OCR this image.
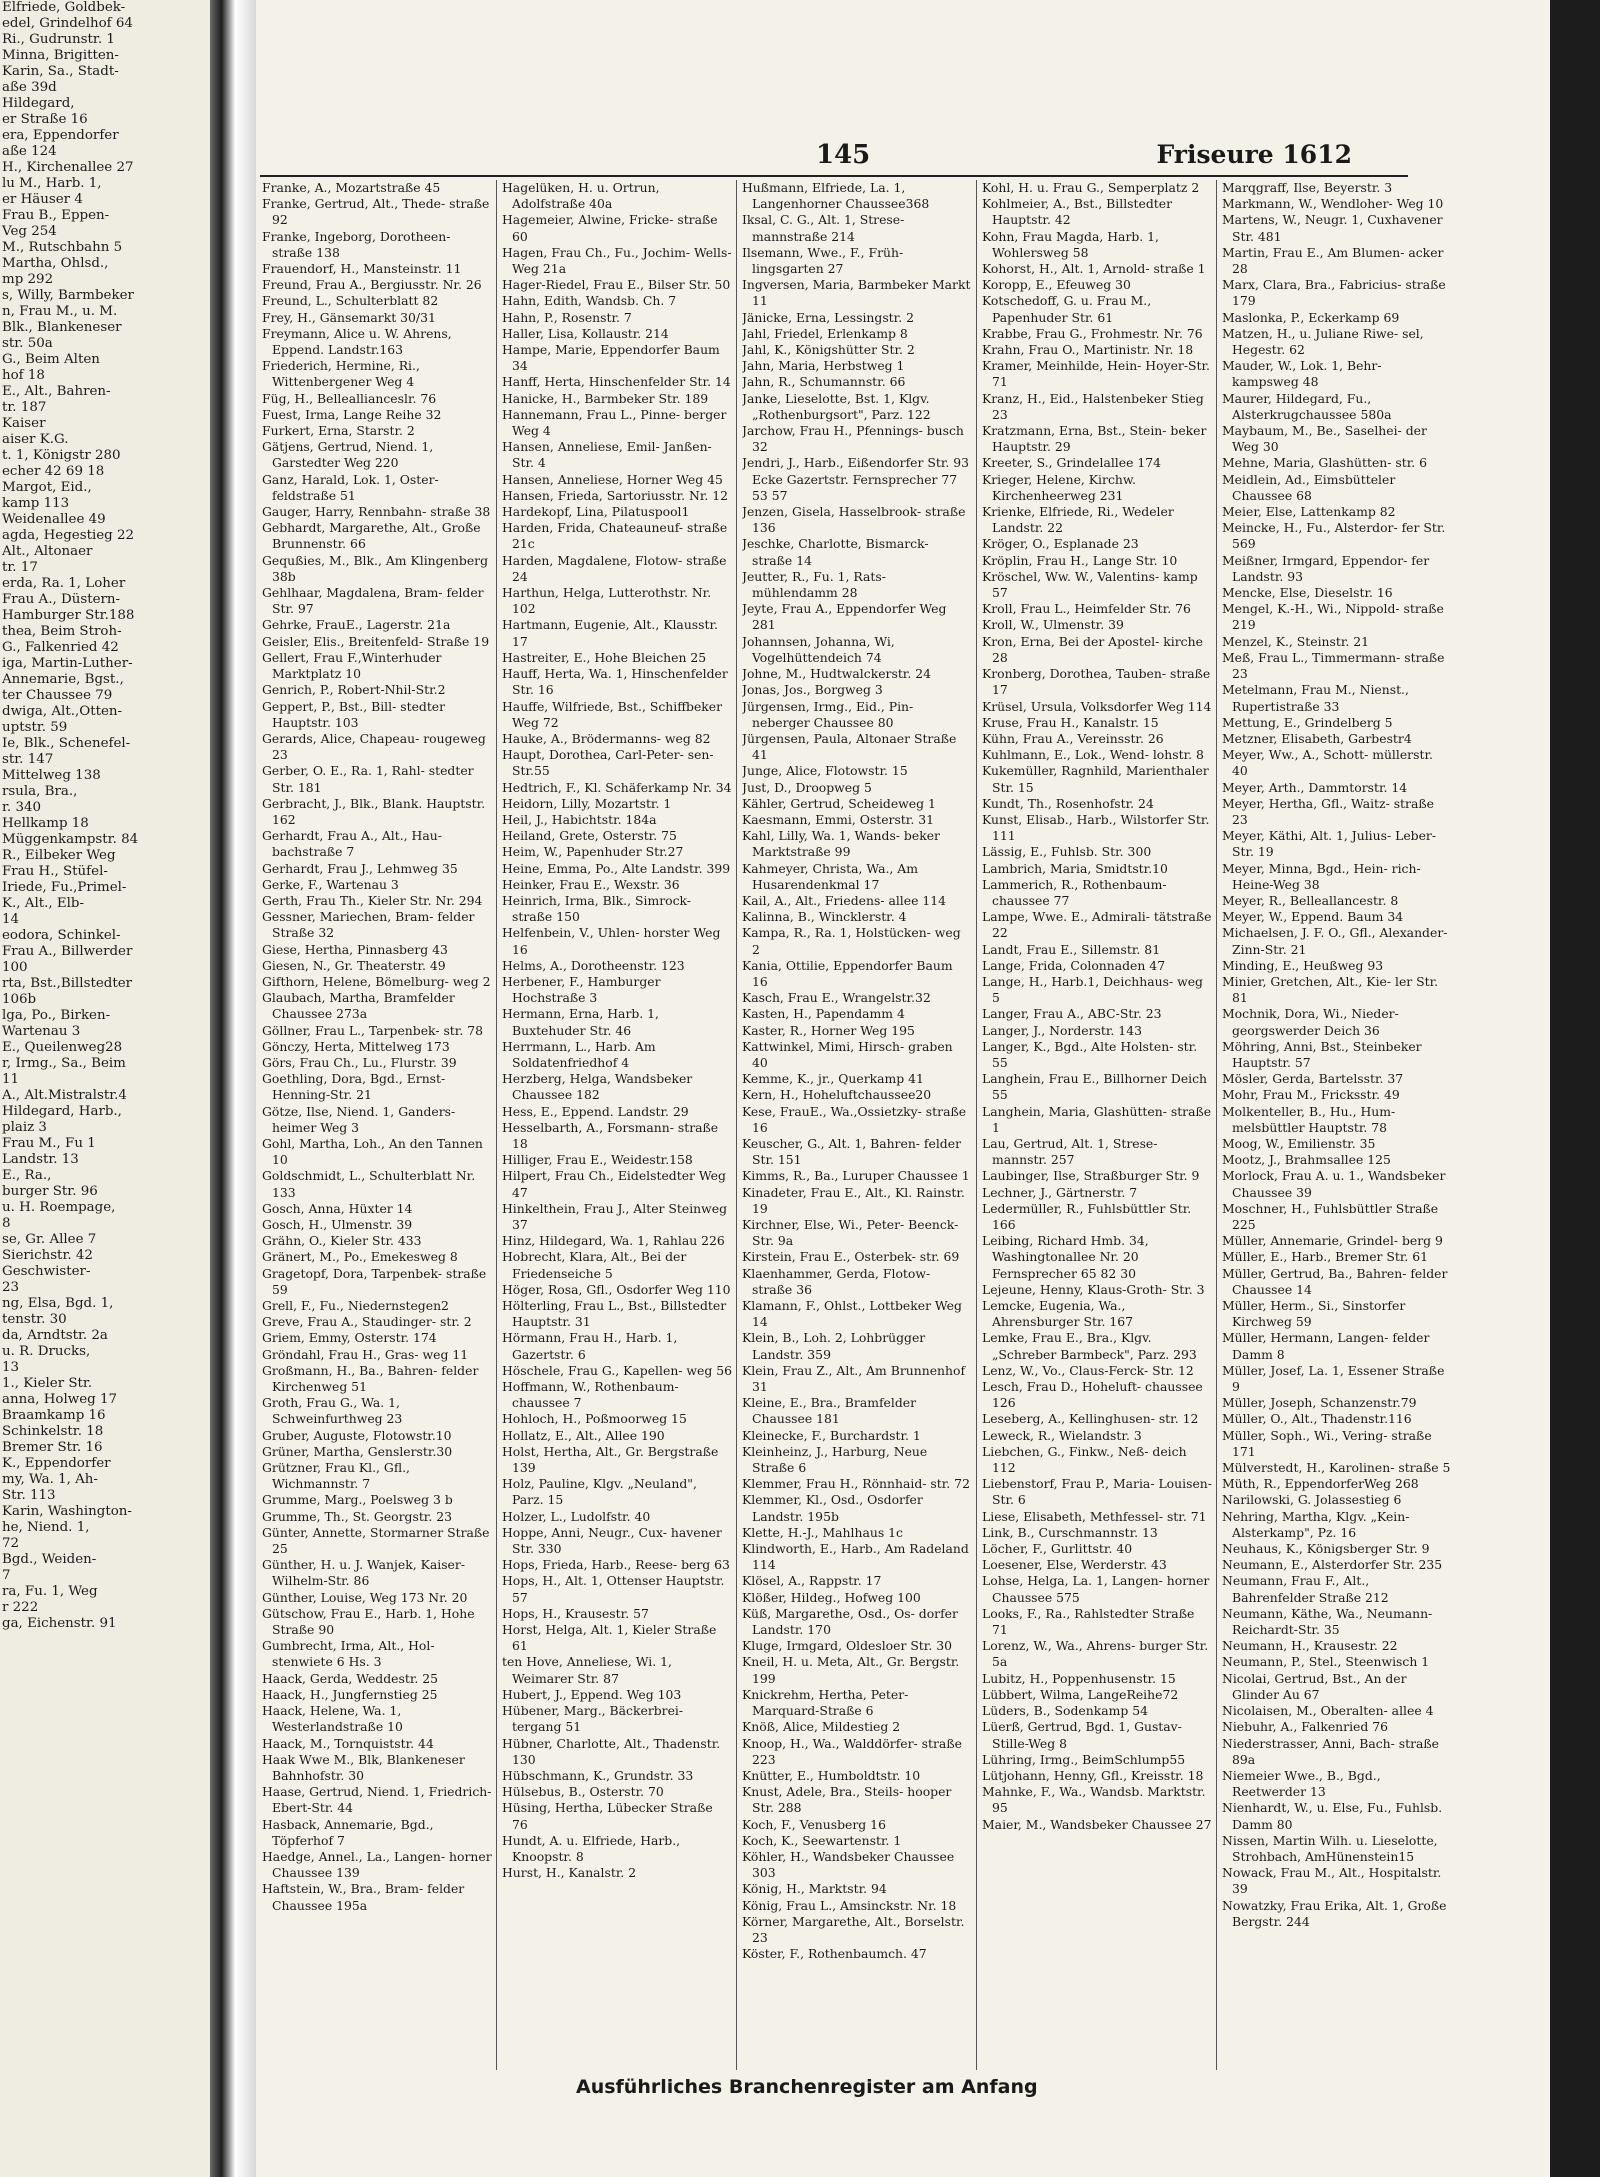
Elfriede, Goldbek-
edel, Grindelhof 64
Ri., Gudrunstr. 1
Minna, Brigitten-
Karin, Sa., Stadt-
aße 39d
Hildegard,
er Straße 16
era, Eppendorfer
aße 124
H., Kirchenallee 27
lu M., Harb. 1,
er Häuser 4
Frau B., Eppen-
Veg 254
M., Rutschbahn 5
Martha, Ohlsd.,
mp 292
s, Willy, Barmbeker
n, Frau M., u. M.
Blk., Blankeneser
str. 50a
G., Beim Alten
hof 18
E., Alt., Bahren-
tr. 187
Kaiser
aiser K.G.
t. 1, Königstr 280
echer 42 69 18
Margot, Eid.,
kamp 113
Weidenallee 49
agda, Hegestieg 22
Alt., Altonaer
tr. 17
erda, Ra. 1, Loher
Frau A., Düstern-
Hamburger Str.188
thea, Beim Stroh-
G., Falkenried 42
iga, Martin-Luther-
Annemarie, Bgst.,
ter Chaussee 79
dwiga, Alt.,Otten-
uptstr. 59
Ie, Blk., Schenefel-
str. 147
Mittelweg 138
rsula, Bra.,
r. 340
Hellkamp 18
Müggenkampstr. 84
R., Eilbeker Weg
Frau H., Stüfel-
Iriede, Fu.,Primel-
K., Alt., Elb-
14
eodora, Schinkel-
Frau A., Billwerder
100
rta, Bst.,Billstedter
106b
lga, Po., Birken-
Wartenau 3
E., Queilenweg28
r, Irmg., Sa., Beim
11
A., Alt.Mistralstr.4
Hildegard, Harb.,
plaiz 3
Frau M., Fu 1
Landstr. 13
E., Ra.,
burger Str. 96
u. H. Roempage,
8
se, Gr. Allee 7
Sierichstr. 42
Geschwister-
23
ng, Elsa, Bgd. 1,
tenstr. 30
da, Arndtstr. 2a
u. R. Drucks,
13
1., Kieler Str.
anna, Holweg 17
Braamkamp 16
Schinkelstr. 18
Bremer Str. 16
K., Eppendorfer
my, Wa. 1, Ah-
Str. 113
Karin, Washington-
he, Niend. 1,
72
Bgd., Weiden-
7
ra, Fu. 1, Weg
r 222
ga, Eichenstr. 91
145	Friseure 1612
Franke, A., Mozartstraße 45
Franke, Gertrud, Alt., Thede- straße 92
Franke, Ingeborg, Dorotheen- straße 138
Frauendorf, H., Mansteinstr. 11
Freund, Frau A., Bergiusstr. Nr. 26
Freund, L., Schulterblatt 82
Frey, H., Gänsemarkt 30/31
Freymann, Alice u. W. Ahrens, Eppend. Landstr.163
Friederich, Hermine, Ri., Wittenbergener Weg 4
Füg, H., Belleallianceslr. 76
Fuest, Irma, Lange Reihe 32
Furkert, Erna, Starstr. 2
Gätjens, Gertrud, Niend. 1, Garstedter Weg 220
Ganz, Harald, Lok. 1, Oster- feldstraße 51
Gauger, Harry, Rennbahn- straße 38
Gebhardt, Margarethe, Alt., Große Brunnenstr. 66
Gequßies, M., Blk., Am Klingenberg 38b
Gehlhaar, Magdalena, Bram- felder Str. 97
Gehrke, FrauE., Lagerstr. 21a
Geisler, Elis., Breitenfeld- Straße 19
Gellert, Frau F.,Winterhuder Marktplatz 10
Genrich, P., Robert-Nhil-Str.2
Geppert, P., Bst., Bill- stedter Hauptstr. 103
Gerards, Alice, Chapeau- rougeweg 23
Gerber, O. E., Ra. 1, Rahl- stedter Str. 181
Gerbracht, J., Blk., Blank. Hauptstr. 162
Gerhardt, Frau A., Alt., Hau- bachstraße 7
Gerhardt, Frau J., Lehmweg 35
Gerke, F., Wartenau 3
Gerth, Frau Th., Kieler Str. Nr. 294
Gessner, Mariechen, Bram- felder Straße 32
Giese, Hertha, Pinnasberg 43
Giesen, N., Gr. Theaterstr. 49
Gifthorn, Helene, Bömelburg- weg 2
Glaubach, Martha, Bramfelder Chaussee 273a
Göllner, Frau L., Tarpenbek- str. 78
Gönczy, Herta, Mittelweg 173
Görs, Frau Ch., Lu., Flurstr. 39
Goethling, Dora, Bgd., Ernst- Henning-Str. 21
Götze, Ilse, Niend. 1, Ganders- heimer Weg 3
Gohl, Martha, Loh., An den Tannen 10
Goldschmidt, L., Schulterblatt Nr. 133
Gosch, Anna, Hüxter 14
Gosch, H., Ulmenstr. 39
Grähn, O., Kieler Str. 433
Gränert, M., Po., Emekesweg 8
Gragetopf, Dora, Tarpenbek- straße 59
Grell, F., Fu., Niedernstegen2
Greve, Frau A., Staudinger- str. 2
Griem, Emmy, Osterstr. 174
Gröndahl, Frau H., Gras- weg 11
Großmann, H., Ba., Bahren- felder Kirchenweg 51
Groth, Frau G., Wa. 1, Schweinfurthweg 23
Gruber, Auguste, Flotowstr.10
Grüner, Martha, Genslerstr.30
Grützner, Frau Kl., Gfl., Wichmannstr. 7
Grumme, Marg., Poelsweg 3 b
Grumme, Th., St. Georgstr. 23
Günter, Annette, Stormarner Straße 25
Günther, H. u. J. Wanjek, Kaiser-Wilhelm-Str. 86
Günther, Louise, Weg 173 Nr. 20
Gütschow, Frau E., Harb. 1, Hohe Straße 90
Gumbrecht, Irma, Alt., Hol- stenwiete 6 Hs. 3
Haack, Gerda, Weddestr. 25
Haack, H., Jungfernstieg 25
Haack, Helene, Wa. 1, Westerlandstraße 10
Haack, M., Tornquiststr. 44
Haak Wwe M., Blk, Blankeneser Bahnhofstr. 30
Haase, Gertrud, Niend. 1, Friedrich-Ebert-Str. 44
Hasback, Annemarie, Bgd., Töpferhof 7
Haedge, Annel., La., Langen- horner Chaussee 139
Haftstein, W., Bra., Bram- felder Chaussee 195a
Hagelüken, H. u. Ortrun, Adolfstraße 40a
Hagemeier, Alwine, Fricke- straße 60
Hagen, Frau Ch., Fu., Jochim- Wells-Weg 21a
Hager-Riedel, Frau E., Bilser Str. 50
Hahn, Edith, Wandsb. Ch. 7
Hahn, P., Rosenstr. 7
Haller, Lisa, Kollaustr. 214
Hampe, Marie, Eppendorfer Baum 34
Hanff, Herta, Hinschenfelder Str. 14
Hanicke, H., Barmbeker Str. 189
Hannemann, Frau L., Pinne- berger Weg 4
Hansen, Anneliese, Emil- Janßen-Str. 4
Hansen, Anneliese, Horner Weg 45
Hansen, Frieda, Sartoriusstr. Nr. 12
Hardekopf, Lina, Pilatuspool1
Harden, Frida, Chateauneuf- straße 21c
Harden, Magdalene, Flotow- straße 24
Harthun, Helga, Lutterothstr. Nr. 102
Hartmann, Eugenie, Alt., Klausstr. 17
Hastreiter, E., Hohe Bleichen 25
Hauff, Herta, Wa. 1, Hinschenfelder Str. 16
Hauffe, Wilfriede, Bst., Schiffbeker Weg 72
Hauke, A., Brödermanns- weg 82
Haupt, Dorothea, Carl-Peter- sen-Str.55
Hedtrich, F., Kl. Schäferkamp Nr. 34
Heidorn, Lilly, Mozartstr. 1
Heil, J., Habichtstr. 184a
Heiland, Grete, Osterstr. 75
Heim, W., Papenhuder Str.27
Heine, Emma, Po., Alte Landstr. 399
Heinker, Frau E., Wexstr. 36
Heinrich, Irma, Blk., Simrock- straße 150
Helfenbein, V., Uhlen- horster Weg 16
Helms, A., Dorotheenstr. 123
Herbener, F., Hamburger Hochstraße 3
Hermann, Erna, Harb. 1, Buxtehuder Str. 46
Herrmann, L., Harb. Am Soldatenfriedhof 4
Herzberg, Helga, Wandsbeker Chaussee 182
Hess, E., Eppend. Landstr. 29
Hesselbarth, A., Forsmann- straße 18
Hilliger, Frau E., Weidestr.158
Hilpert, Frau Ch., Eidelstedter Weg 47
Hinkelthein, Frau J., Alter Steinweg 37
Hinz, Hildegard, Wa. 1, Rahlau 226
Hobrecht, Klara, Alt., Bei der Friedenseiche 5
Höger, Rosa, Gfl., Osdorfer Weg 110
Hölterling, Frau L., Bst., Billstedter Hauptstr. 31
Hörmann, Frau H., Harb. 1, Gazertstr. 6
Höschele, Frau G., Kapellen- weg 56
Hoffmann, W., Rothenbaum- chaussee 7
Hohloch, H., Poßmoorweg 15
Hollatz, E., Alt., Allee 190
Holst, Hertha, Alt., Gr. Bergstraße 139
Holz, Pauline, Klgv. „Neuland", Parz. 15
Holzer, L., Ludolfstr. 40
Hoppe, Anni, Neugr., Cux- havener Str. 330
Hops, Frieda, Harb., Reese- berg 63
Hops, H., Alt. 1, Ottenser Hauptstr. 57
Hops, H., Krausestr. 57
Horst, Helga, Alt. 1, Kieler Straße 61
ten Hove, Anneliese, Wi. 1, Weimarer Str. 87
Hubert, J., Eppend. Weg 103
Hübener, Marg., Bäckerbrei- tergang 51
Hübner, Charlotte, Alt., Thadenstr. 130
Hübschmann, K., Grundstr. 33
Hülsebus, B., Osterstr. 70
Hüsing, Hertha, Lübecker Straße 76
Hundt, A. u. Elfriede, Harb., Knoopstr. 8
Hurst, H., Kanalstr. 2
Hußmann, Elfriede, La. 1, Langenhorner Chaussee368
Iksal, C. G., Alt. 1, Strese- mannstraße 214
Ilsemann, Wwe., F., Früh- lingsgarten 27
Ingversen, Maria, Barmbeker Markt 11
Jänicke, Erna, Lessingstr. 2
Jahl, Friedel, Erlenkamp 8
Jahl, K., Königshütter Str. 2
Jahn, Maria, Herbstweg 1
Jahn, R., Schumannstr. 66
Janke, Lieselotte, Bst. 1, Klgv. „Rothenburgsort", Parz. 122
Jarchow, Frau H., Pfennings- busch 32
Jendri, J., Harb., Eißendorfer Str. 93 Ecke Gazertstr. Fernsprecher 77 53 57
Jenzen, Gisela, Hasselbrook- straße 136
Jeschke, Charlotte, Bismarck- straße 14
Jeutter, R., Fu. 1, Rats- mühlendamm 28
Jeyte, Frau A., Eppendorfer Weg 281
Johannsen, Johanna, Wi, Vogelhüttendeich 74
Johne, M., Hudtwalckerstr. 24
Jonas, Jos., Borgweg 3
Jürgensen, Irmg., Eid., Pin- neberger Chaussee 80
Jürgensen, Paula, Altonaer Straße 41
Junge, Alice, Flotowstr. 15
Just, D., Droopweg 5
Kähler, Gertrud, Scheideweg 1
Kaesmann, Emmi, Osterstr. 31
Kahl, Lilly, Wa. 1, Wands- beker Marktstraße 99
Kahmeyer, Christa, Wa., Am Husarendenkmal 17
Kail, A., Alt., Friedens- allee 114
Kalinna, B., Wincklerstr. 4
Kampa, R., Ra. 1, Holstücken- weg 2
Kania, Ottilie, Eppendorfer Baum 16
Kasch, Frau E., Wrangelstr.32
Kasten, H., Papendamm 4
Kaster, R., Horner Weg 195
Kattwinkel, Mimi, Hirsch- graben 40
Kemme, K., jr., Querkamp 41
Kern, H., Hoheluftchaussee20
Kese, FrauE., Wa.,Ossietzky- straße 16
Keuscher, G., Alt. 1, Bahren- felder Str. 151
Kimms, R., Ba., Luruper Chaussee 1
Kinadeter, Frau E., Alt., Kl. Rainstr. 19
Kirchner, Else, Wi., Peter- Beenck-Str. 9a
Kirstein, Frau E., Osterbek- str. 69
Klaenhammer, Gerda, Flotow- straße 36
Klamann, F., Ohlst., Lottbeker Weg 14
Klein, B., Loh. 2, Lohbrügger Landstr. 359
Klein, Frau Z., Alt., Am Brunnenhof 31
Kleine, E., Bra., Bramfelder Chaussee 181
Kleinecke, F., Burchardstr. 1
Kleinheinz, J., Harburg, Neue Straße 6
Klemmer, Frau H., Rönnhaid- str. 72
Klemmer, Kl., Osd., Osdorfer Landstr. 195b
Klette, H.-J., Mahlhaus 1c
Klindworth, E., Harb., Am Radeland 114
Klösel, A., Rappstr. 17
Klößer, Hildeg., Hofweg 100
Küß, Margarethe, Osd., Os- dorfer Landstr. 170
Kluge, Irmgard, Oldesloer Str. 30
Kneil, H. u. Meta, Alt., Gr. Bergstr. 199
Knickrehm, Hertha, Peter- Marquard-Straße 6
Knöß, Alice, Mildestieg 2
Knoop, H., Wa., Walddörfer- straße 223
Knütter, E., Humboldtstr. 10
Knust, Adele, Bra., Steils- hooper Str. 288
Koch, F., Venusberg 16
Koch, K., Seewartenstr. 1
Köhler, H., Wandsbeker Chaussee 303
König, H., Marktstr. 94
König, Frau L., Amsinckstr. Nr. 18
Körner, Margarethe, Alt., Borselstr. 23
Köster, F., Rothenbaumch. 47
Kohl, H. u. Frau G., Semperplatz 2
Kohlmeier, A., Bst., Billstedter Hauptstr. 42
Kohn, Frau Magda, Harb. 1, Wohlersweg 58
Kohorst, H., Alt. 1, Arnold- straße 1
Koropp, E., Efeuweg 30
Kotschedoff, G. u. Frau M., Papenhuder Str. 61
Krabbe, Frau G., Frohmestr. Nr. 76
Krahn, Frau O., Martinistr. Nr. 18
Kramer, Meinhilde, Hein- Hoyer-Str. 71
Kranz, H., Eid., Halstenbeker Stieg 23
Kratzmann, Erna, Bst., Stein- beker Hauptstr. 29
Kreeter, S., Grindelallee 174
Krieger, Helene, Kirchw. Kirchenheerweg 231
Krienke, Elfriede, Ri., Wedeler Landstr. 22
Kröger, O., Esplanade 23
Kröplin, Frau H., Lange Str. 10
Kröschel, Ww. W., Valentins- kamp 57
Kroll, Frau L., Heimfelder Str. 76
Kroll, W., Ulmenstr. 39
Kron, Erna, Bei der Apostel- kirche 28
Kronberg, Dorothea, Tauben- straße 17
Krüsel, Ursula, Volksdorfer Weg 114
Kruse, Frau H., Kanalstr. 15
Kühn, Frau A., Vereinsstr. 26
Kuhlmann, E., Lok., Wend- lohstr. 8
Kukemüller, Ragnhild, Marienthaler Str. 15
Kundt, Th., Rosenhofstr. 24
Kunst, Elisab., Harb., Wilstorfer Str. 111
Lässig, E., Fuhlsb. Str. 300
Lambrich, Maria, Smidtstr.10
Lammerich, R., Rothenbaum- chaussee 77
Lampe, Wwe. E., Admirali- tätstraße 22
Landt, Frau E., Sillemstr. 81
Lange, Frida, Colonnaden 47
Lange, H., Harb.1, Deichhaus- weg 5
Langer, Frau A., ABC-Str. 23
Langer, J., Norderstr. 143
Langer, K., Bgd., Alte Holsten- str. 55
Langhein, Frau E., Billhorner Deich 55
Langhein, Maria, Glashütten- straße 1
Lau, Gertrud, Alt. 1, Strese- mannstr. 257
Laubinger, Ilse, Straßburger Str. 9
Lechner, J., Gärtnerstr. 7
Ledermüller, R., Fuhlsbüttler Str. 166
Leibing, Richard Hmb. 34, Washingtonallee Nr. 20 Fernsprecher 65 82 30
Lejeune, Henny, Klaus-Groth- Str. 3
Lemcke, Eugenia, Wa., Ahrensburger Str. 167
Lemke, Frau E., Bra., Klgv. „Schreber Barmbeck", Parz. 293
Lenz, W., Vo., Claus-Ferck- Str. 12
Lesch, Frau D., Hoheluft- chaussee 126
Leseberg, A., Kellinghusen- str. 12
Leweck, R., Wielandstr. 3
Liebchen, G., Finkw., Neß- deich 112
Liebenstorf, Frau P., Maria- Louisen-Str. 6
Liese, Elisabeth, Methfessel- str. 71
Link, B., Curschmannstr. 13
Löcher, F., Gurlittstr. 40
Loesener, Else, Werderstr. 43
Lohse, Helga, La. 1, Langen- horner Chaussee 575
Looks, F., Ra., Rahlstedter Straße 71
Lorenz, W., Wa., Ahrens- burger Str. 5a
Lubitz, H., Poppenhusenstr. 15
Lübbert, Wilma, LangeReihe72
Lüders, B., Sodenkamp 54
Lüerß, Gertrud, Bgd. 1, Gustav-Stille-Weg 8
Lühring, Irmg., BeimSchlump55
Lütjohann, Henny, Gfl., Kreisstr. 18
Mahnke, F., Wa., Wandsb. Marktstr. 95
Maier, M., Wandsbeker Chaussee 27
Marqgraff, Ilse, Beyerstr. 3
Markmann, W., Wendloher- Weg 10
Martens, W., Neugr. 1, Cuxhavener Str. 481
Martin, Frau E., Am Blumen- acker 28
Marx, Clara, Bra., Fabricius- straße 179
Maslonka, P., Eckerkamp 69
Matzen, H., u. Juliane Riwe- sel, Hegestr. 62
Mauder, W., Lok. 1, Behr- kampsweg 48
Maurer, Hildegard, Fu., Alsterkrugchaussee 580a
Maybaum, M., Be., Saselhei- der Weg 30
Mehne, Maria, Glashütten- str. 6
Meidlein, Ad., Eimsbütteler Chaussee 68
Meier, Else, Lattenkamp 82
Meincke, H., Fu., Alsterdor- fer Str. 569
Meißner, Irmgard, Eppendor- fer Landstr. 93
Mencke, Else, Dieselstr. 16
Mengel, K.-H., Wi., Nippold- straße 219
Menzel, K., Steinstr. 21
Meß, Frau L., Timmermann- straße 23
Metelmann, Frau M., Nienst., Rupertistraße 33
Mettung, E., Grindelberg 5
Metzner, Elisabeth, Garbestr4
Meyer, Ww., A., Schott- müllerstr. 40
Meyer, Arth., Dammtorstr. 14
Meyer, Hertha, Gfl., Waitz- straße 23
Meyer, Käthi, Alt. 1, Julius- Leber-Str. 19
Meyer, Minna, Bgd., Hein- rich-Heine-Weg 38
Meyer, R., Belleallancestr. 8
Meyer, W., Eppend. Baum 34
Michaelsen, J. F. O., Gfl., Alexander-Zinn-Str. 21
Minding, E., Heußweg 93
Minier, Gretchen, Alt., Kie- ler Str. 81
Mochnik, Dora, Wi., Nieder- georgswerder Deich 36
Möhring, Anni, Bst., Steinbeker Hauptstr. 57
Mösler, Gerda, Bartelsstr. 37
Mohr, Frau M., Fricksstr. 49
Molkenteller, B., Hu., Hum- melsbüttler Hauptstr. 78
Moog, W., Emilienstr. 35
Mootz, J., Brahmsallee 125
Morlock, Frau A. u. 1., Wandsbeker Chaussee 39
Moschner, H., Fuhlsbüttler Straße 225
Müller, Annemarie, Grindel- berg 9
Müller, E., Harb., Bremer Str. 61
Müller, Gertrud, Ba., Bahren- felder Chaussee 14
Müller, Herm., Si., Sinstorfer Kirchweg 59
Müller, Hermann, Langen- felder Damm 8
Müller, Josef, La. 1, Essener Straße 9
Müller, Joseph, Schanzenstr.79
Müller, O., Alt., Thadenstr.116
Müller, Soph., Wi., Vering- straße 171
Mülverstedt, H., Karolinen- straße 5
Müth, R., EppendorferWeg 268
Narilowski, G. Jolassestieg 6
Nehring, Martha, Klgv. „Kein-Alsterkamp", Pz. 16
Neuhaus, K., Königsberger Str. 9
Neumann, E., Alsterdorfer Str. 235
Neumann, Frau F., Alt., Bahrenfelder Straße 212
Neumann, Käthe, Wa., Neumann-Reichardt-Str. 35
Neumann, H., Krausestr. 22
Neumann, P., Stel., Steenwisch 1
Nicolai, Gertrud, Bst., An der Glinder Au 67
Nicolaisen, M., Oberalten- allee 4
Niebuhr, A., Falkenried 76
Niederstrasser, Anni, Bach- straße 89a
Niemeier Wwe., B., Bgd., Reetwerder 13
Nienhardt, W., u. Else, Fu., Fuhlsb. Damm 80
Nissen, Martin Wilh. u. Lieselotte, Strohbach, AmHünenstein15
Nowack, Frau M., Alt., Hospitalstr. 39
Nowatzky, Frau Erika, Alt. 1, Große Bergstr. 244
Ausführliches Branchenregister am Anfang
